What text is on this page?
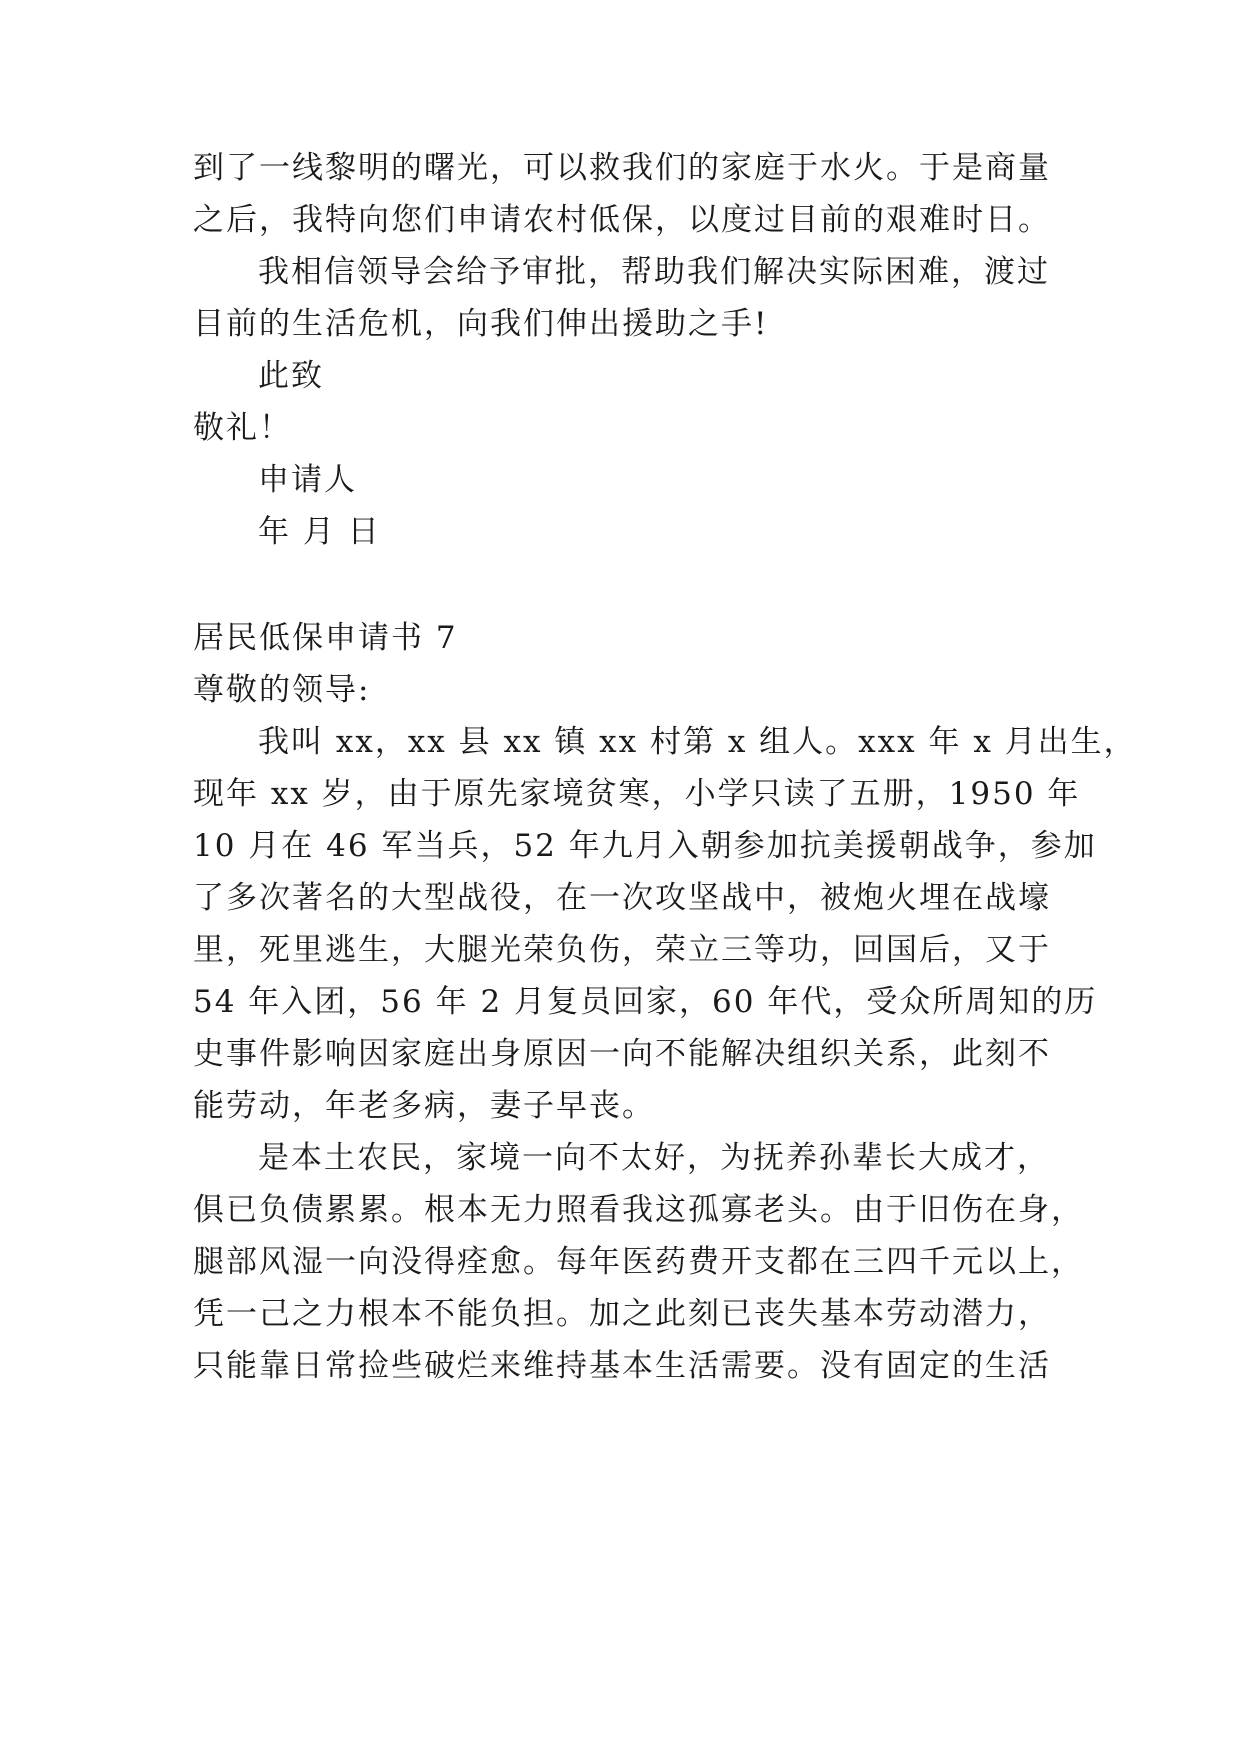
到了一线黎明的曙光，可以救我们的家庭于水火。于是商量
之后，我特向您们申请农村低保，以度过目前的艰难时日。
我相信领导会给予审批，帮助我们解决实际困难，渡过
目前的生活危机，向我们伸出援助之手!
此致
敬礼！
申请人
年 月 日
居民低保申请书 7
尊敬的领导:
我叫 xx，xx 县 xx 镇 xx 村第 x 组人。xxx 年 x 月出生，
现年 xx 岁，由于原先家境贫寒，小学只读了五册，1950 年
10 月在 46 军当兵，52 年九月入朝参加抗美援朝战争，参加
了多次著名的大型战役，在一次攻坚战中，被炮火埋在战壕
里，死里逃生，大腿光荣负伤，荣立三等功，回国后，又于
54 年入团，56 年 2 月复员回家，60 年代，受众所周知的历
史事件影响因家庭出身原因一向不能解决组织关系，此刻不
能劳动，年老多病，妻子早丧。
是本土农民，家境一向不太好，为抚养孙辈长大成才，
俱已负债累累。根本无力照看我这孤寡老头。由于旧伤在身，
腿部风湿一向没得痊愈。每年医药费开支都在三四千元以上，
凭一己之力根本不能负担。加之此刻已丧失基本劳动潜力，
只能靠日常捡些破烂来维持基本生活需要。没有固定的生活
